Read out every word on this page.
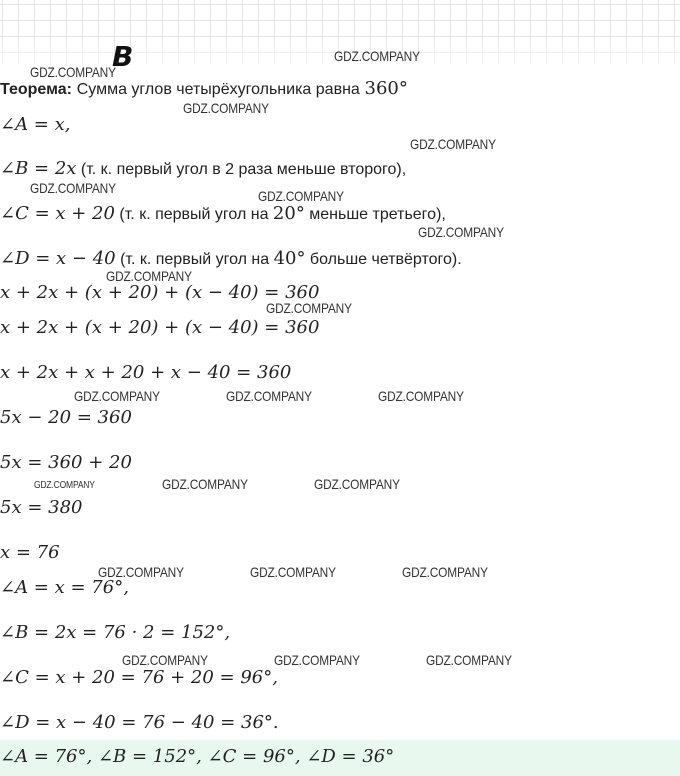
B
GDZ.COMPANY
GDZ.COMPANY
GDZ.COMPANY
GDZ.COMPANY
GDZ.COMPANY	GDZ.COMPANY
GDZ.COMPANY
GDZ.COMPANY
GDZ.COMPANY
GDZ.COMPANY	GDZ.COMPANY	GDZ.COMPANY
GDZ.COMPANY	GDZ.COMPANY	GDZ.COMPANY
GDZ.COMPANY	GDZ.COMPANY	GDZ.COMPANY
GDZ.COMPANY	GDZ.COMPANY	GDZ.COMPANY
Теорема: Сумма углов четырёхугольника равна 360°
∠A = x,
∠B = 2x (т. к. первый угол в 2 раза меньше второго),
∠C = x + 20 (т. к. первый угол на 20° меньше третьего),
∠D = x − 40 (т. к. первый угол на 40° больше четвёртого).
x + 2x + (x + 20) + (x − 40) = 360
x + 2x + (x + 20) + (x − 40) = 360
x + 2x + x + 20 + x − 40 = 360
5x − 20 = 360
5x = 360 + 20
5x = 380
x = 76
∠A = x = 76°,
∠B = 2x = 76 · 2 = 152°,
∠C = x + 20 = 76 + 20 = 96°,
∠D = x − 40 = 76 − 40 = 36°.
∠A = 76°, ∠B = 152°, ∠C = 96°, ∠D = 36°
